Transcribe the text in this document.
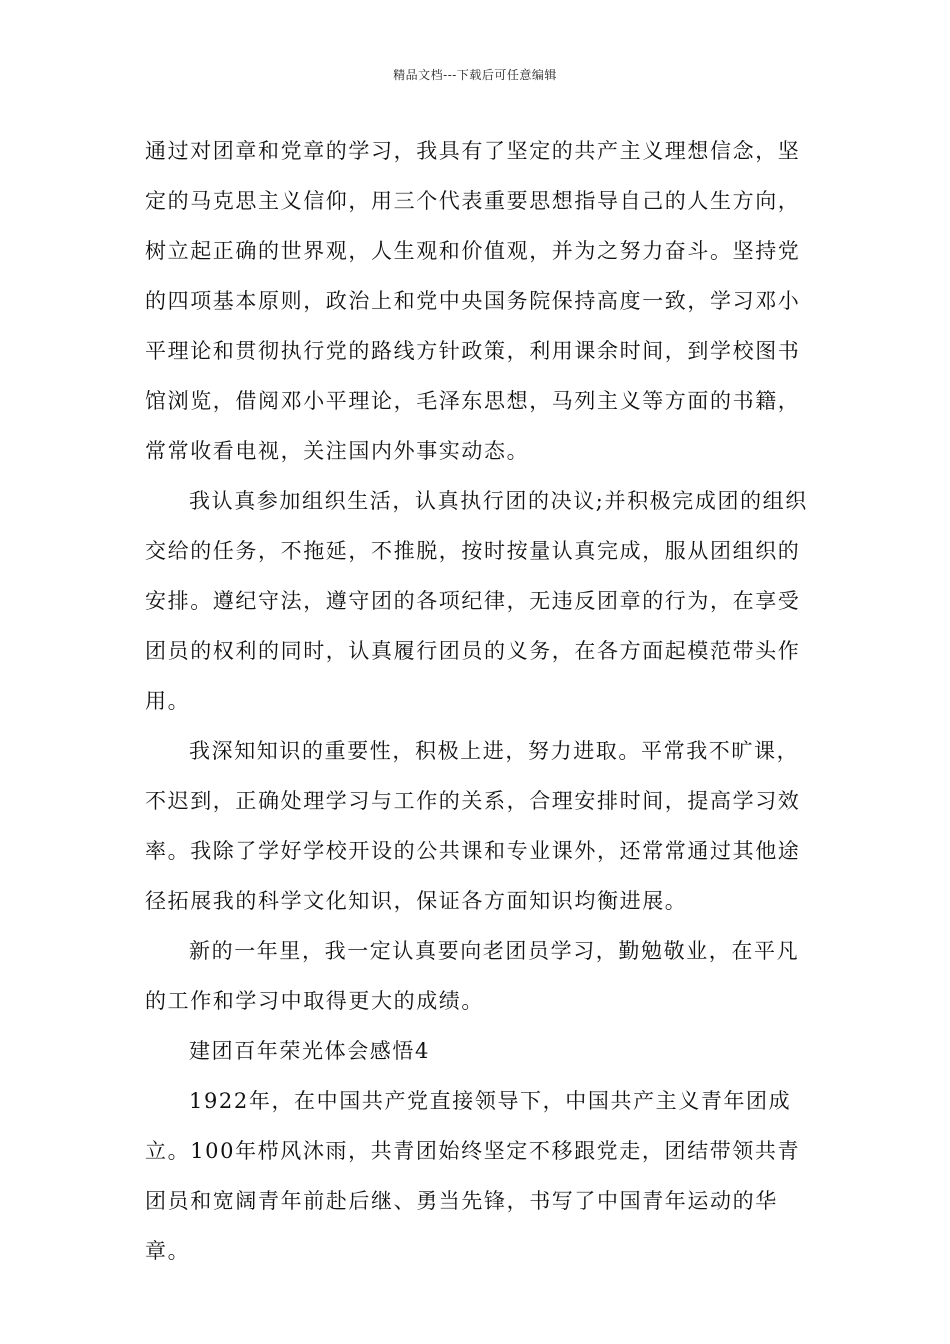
精品文档---下载后可任意编辑

通过对团章和党章的学习，我具有了坚定的共产主义理想信念，坚定的马克思主义信仰，用三个代表重要思想指导自己的人生方向，树立起正确的世界观，人生观和价值观，并为之努力奋斗。坚持党的四项基本原则，政治上和党中央国务院保持高度一致，学习邓小平理论和贯彻执行党的路线方针政策，利用课余时间，到学校图书馆浏览，借阅邓小平理论，毛泽东思想，马列主义等方面的书籍，常常收看电视，关注国内外事实动态。

我认真参加组织生活，认真执行团的决议;并积极完成团的组织交给的任务，不拖延，不推脱，按时按量认真完成，服从团组织的安排。遵纪守法，遵守团的各项纪律，无违反团章的行为，在享受团员的权利的同时，认真履行团员的义务，在各方面起模范带头作用。

我深知知识的重要性，积极上进，努力进取。平常我不旷课，不迟到，正确处理学习与工作的关系，合理安排时间，提高学习效率。我除了学好学校开设的公共课和专业课外，还常常通过其他途径拓展我的科学文化知识，保证各方面知识均衡进展。

新的一年里，我一定认真要向老团员学习，勤勉敬业，在平凡的工作和学习中取得更大的成绩。

建团百年荣光体会感悟4

1922年，在中国共产党直接领导下，中国共产主义青年团成立。100年栉风沐雨，共青团始终坚定不移跟党走，团结带领共青团员和宽阔青年前赴后继、勇当先锋，书写了中国青年运动的华章。
